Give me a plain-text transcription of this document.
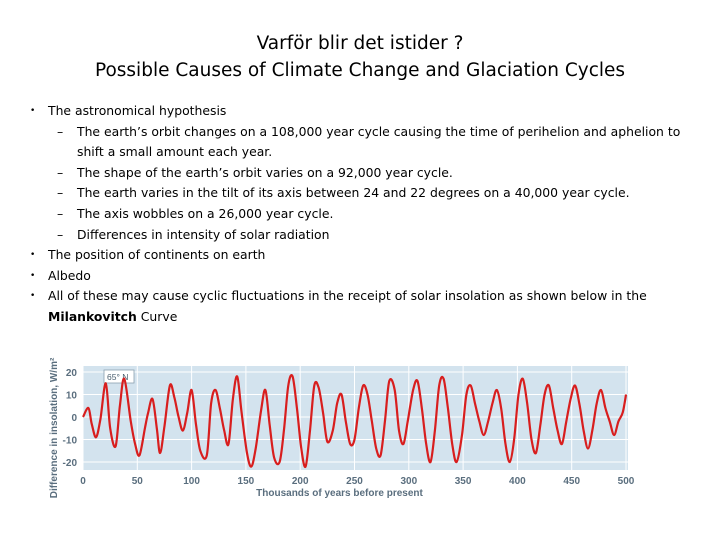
Varför blir det istider ?
Possible Causes of Climate Change and Glaciation Cycles
•	The astronomical hypothesis
–	The earth’s orbit changes on a 108,000 year cycle causing the time of perihelion and aphelion to shift a small amount each year.
–	The shape of the earth’s orbit varies on a 92,000 year cycle.
–	The earth varies in the tilt of its axis between 24 and 22 degrees on a 40,000 year cycle.
–	The axis wobbles on a 26,000 year cycle.
–	Differences in intensity of solar radiation
•	The position of continents on earth
•	Albedo
•	All of these may cause cyclic fluctuations in the receipt of solar insolation as shown below in the Milankovitch Curve
20
10
0
-10
-20
0	50	100	150	200	250	300	350	400	450	500
Thousands of years before present
Difference in insolation, W/m²	65° N
